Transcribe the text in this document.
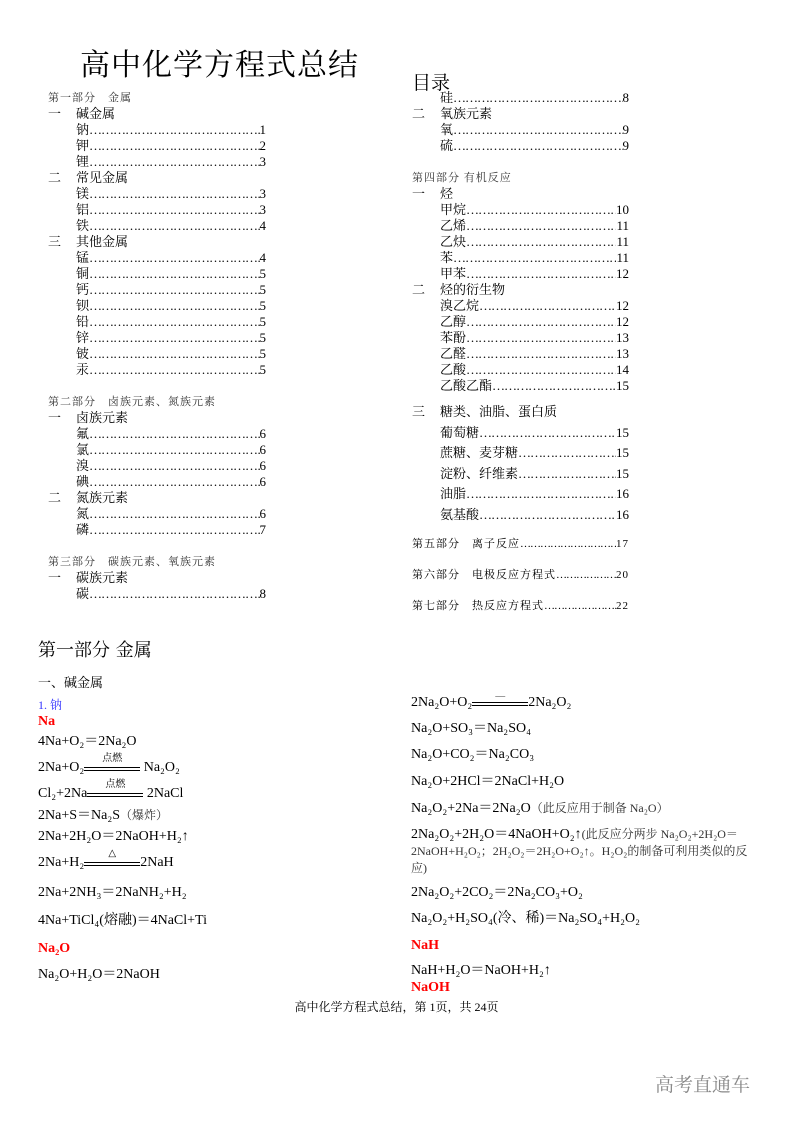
高中化学方程式总结	目录
第一部分　金属
一	碱金属
钠 ……………………………………………………………………………………………	1
钾 ……………………………………………………………………………………………	2
锂 ……………………………………………………………………………………………	3
二	常见金属
镁 ……………………………………………………………………………………………	3
铝 ……………………………………………………………………………………………	3
铁 ……………………………………………………………………………………………	4
三	其他金属
锰 ……………………………………………………………………………………………	4
铜 ……………………………………………………………………………………………	5
钙 ……………………………………………………………………………………………	5
钡 ……………………………………………………………………………………………	5
铅 ……………………………………………………………………………………………	5
锌 ……………………………………………………………………………………………	5
铍 ……………………………………………………………………………………………	5
汞 ……………………………………………………………………………………………	5
第二部分　卤族元素、氮族元素
一	卤族元素
氟 ……………………………………………………………………………………………	6
氯 ……………………………………………………………………………………………	6
溴 ……………………………………………………………………………………………	6
碘 ……………………………………………………………………………………………	6
二	氮族元素
氮 ……………………………………………………………………………………………	6
磷 ……………………………………………………………………………………………	7
第三部分　碳族元素、氧族元素
一	碳族元素
碳 ……………………………………………………………………………………………	8
硅 ……………………………………………………………………………………………	8
二	氧族元素
氧 ……………………………………………………………………………………………	9
硫 ……………………………………………………………………………………………	9
第四部分 有机反应
一	烃
甲烷 ……………………………………………………………………………………………	10
乙烯 ……………………………………………………………………………………………	11
乙炔 ……………………………………………………………………………………………	11
苯 ……………………………………………………………………………………………	11
甲苯 ……………………………………………………………………………………………	12
二	烃的衍生物
溴乙烷 ……………………………………………………………………………………………	12
乙醇 ……………………………………………………………………………………………	12
苯酚 ……………………………………………………………………………………………	13
乙醛 ……………………………………………………………………………………………	13
乙酸 ……………………………………………………………………………………………	14
乙酸乙酯 ……………………………………………………………………………………………	15
三	糖类、油脂、蛋白质
葡萄糖 ……………………………………………………………………………………………	15
蔗糖、麦芽糖 ……………………………………………………………………………………………	15
淀粉、纤维素 ……………………………………………………………………………………………	15
油脂 ……………………………………………………………………………………………	16
氨基酸 ……………………………………………………………………………………………	16
第五部分　离子反应 ……………………………………………	17
第六部分　电极反应方程式 ……………………………………………	20
第七部分　热反应方程式 ……………………………………………	22
第一部分 金属
一、碱金属
1. 钠
Na
4Na+O₂＝2Na₂O
2Na+O₂
点燃
Na₂O₂
Cl₂+2Na
点燃
2NaCl
2Na+S＝Na₂S（爆炸）
2Na+2H₂O＝2NaOH+H₂↑
2Na+H₂
△
2NaH
2Na+2NH₃＝2NaNH₂+H₂
4Na+TiCl₄(熔融)＝4NaCl+Ti
Na₂O
Na₂O+H₂O＝2NaOH
2Na₂O+O₂
＿
2Na₂O₂
Na₂O+SO₃＝Na₂SO₄
Na₂O+CO₂＝Na₂CO₃
Na₂O+2HCl＝2NaCl+H₂O
Na₂O₂+2Na＝2Na₂O（此反应用于制备 Na₂O）
2Na₂O₂+2H₂O＝4NaOH+O₂↑(此反应分两步 Na₂O₂+2H₂O＝2NaOH+H₂O₂；2H₂O₂＝2H₂O+O₂↑。H₂O₂的制备可利用类似的反应)
2Na₂O₂+2CO₂＝2Na₂CO₃+O₂
Na₂O₂+H₂SO₄(冷、稀)＝Na₂SO₄+H₂O₂
NaH
NaH+H₂O＝NaOH+H₂↑
NaOH
高中化学方程式总结，第 1页，共 24页
高考直通车
